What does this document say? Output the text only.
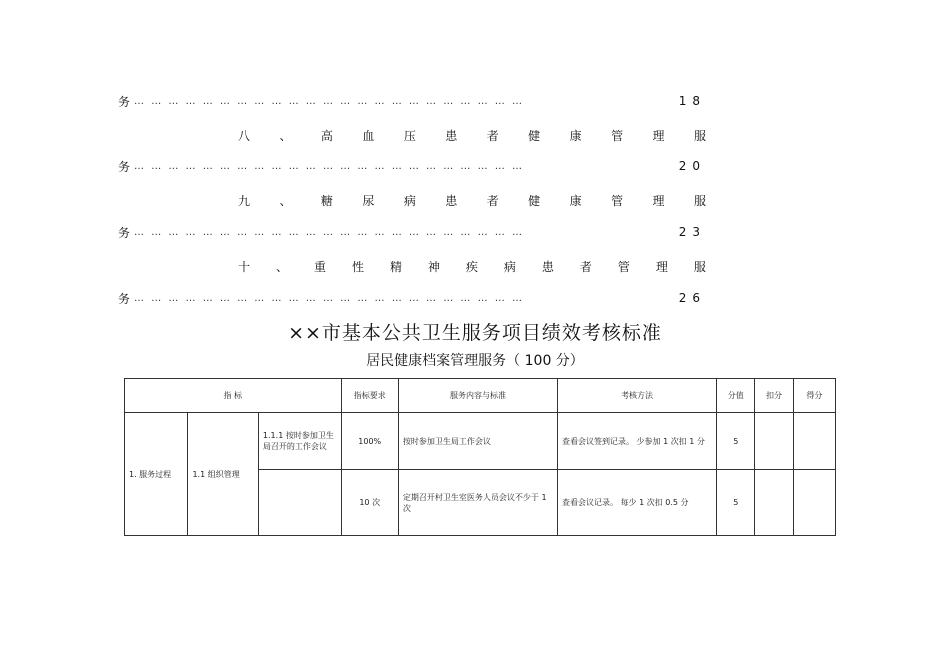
务 … … … … … … … … … … … … … … … … … … … … … … …	18
八 、 高 血 压 患 者 健 康 管 理 服
务 … … … … … … … … … … … … … … … … … … … … … … …	20
九 、 糖 尿 病 患 者 健 康 管 理 服
务 … … … … … … … … … … … … … … … … … … … … … … …	23
十 、 重 性 精 神 疾 病 患 者 管 理 服
务 … … … … … … … … … … … … … … … … … … … … … … …	26
××市基本公共卫生服务项目绩效考核标准
居民健康档案管理服务（ 100 分）
指 标			指标要求	服务内容与标准	考核方法	分值	扣分	得分
1. 服务过程	1.1 组织管理	1.1.1 按时参加卫生局召开的工作会议	100%	按时参加卫生局工作会议	查看会议签到记录。 少参加 1 次扣 1 分	5		
			10 次	定期召开村卫生室医务人员会议不少于 1 次	查看会议记录。 每少 1 次扣 0.5 分	5		
